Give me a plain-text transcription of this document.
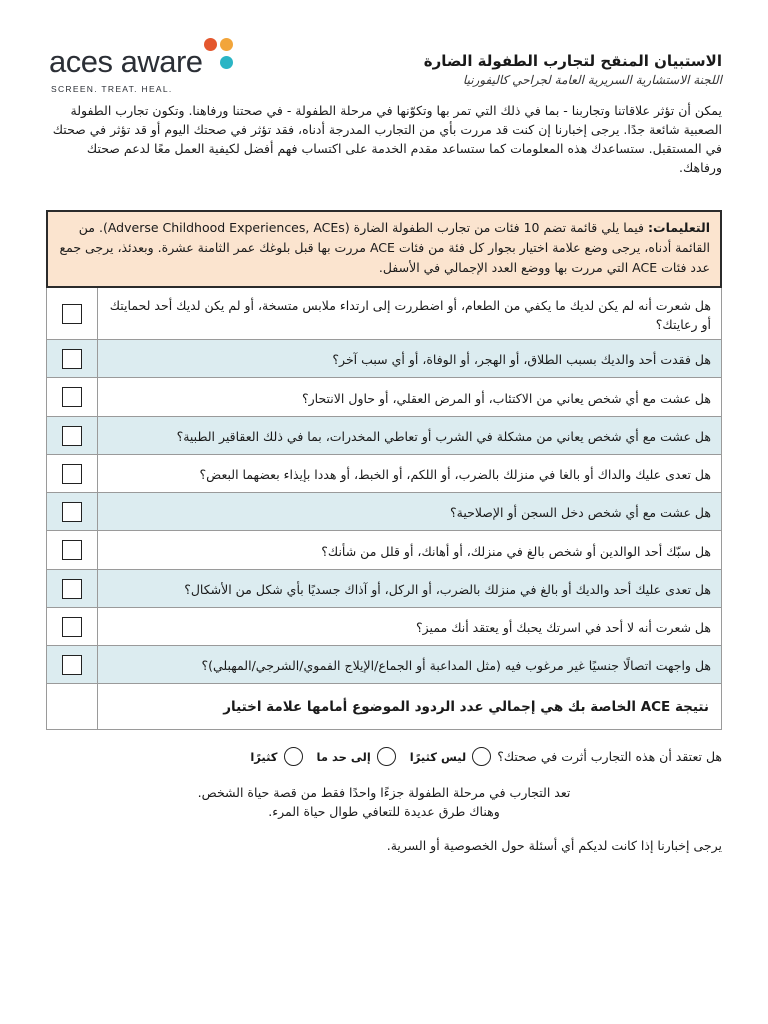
aces aware
SCREEN. TREAT. HEAL.
الاستبيان المنقح لتجارب الطفولة الضارة
اللجنة الاستشارية السريرية العامة لجراحي كاليفورنيا
يمكن أن تؤثر علاقاتنا وتجاربنا - بما في ذلك التي تمر بها وتكوّنها في مرحلة الطفولة - في صحتنا ورفاهنا. وتكون تجارب الطفولة الصعبية شائعة جدًا. يرجى إخبارنا إن كنت قد مررت بأي من التجارب المدرجة أدناه، فقد تؤثر في صحتك اليوم أو قد تؤثر في صحتك في المستقبل. ستساعدك هذه المعلومات كما ستساعد مقدم الخدمة على اكتساب فهم أفضل لكيفية العمل معًا لدعم صحتك ورفاهك.
التعليمات: فيما يلي قائمة تضم 10 فئات من تجارب الطفولة الضارة (Adverse Childhood Experiences, ACEs). من القائمة أدناه، يرجى وضع علامة اختيار بجوار كل فئة من فئات ACE مررت بها قبل بلوغك عمر الثامنة عشرة. وبعدئذ، يرجى جمع عدد فئات ACE التي مررت بها ووضع العدد الإجمالي في الأسفل.
هل شعرت أنه لم يكن لديك ما يكفي من الطعام، أو اضطررت إلى ارتداء ملابس متسخة، أو لم يكن لديك أحد لحمايتك أو رعايتك؟
هل فقدت أحد والديك بسبب الطلاق، أو الهجر، أو الوفاة، أو أي سبب آخر؟
هل عشت مع أي شخص يعاني من الاكتئاب، أو المرض العقلي، أو حاول الانتحار؟
هل عشت مع أي شخص يعاني من مشكلة في الشرب أو تعاطي المخدرات، بما في ذلك العقاقير الطبية؟
هل تعدى عليك والداك أو بالغا في منزلك بالضرب، أو اللكم، أو الخبط، أو هددا بإيذاء بعضهما البعض؟
هل عشت مع أي شخص دخل السجن أو الإصلاحية؟
هل سبّك أحد الوالدين أو شخص بالغ في منزلك، أو أهانك، أو قلل من شأنك؟
هل تعدى عليك أحد والديك أو بالغ في منزلك بالضرب، أو الركل، أو آذاك جسديًا بأي شكل من الأشكال؟
هل شعرت أنه لا أحد في اسرتك يحبك أو يعتقد أنك مميز؟
هل واجهت اتصالًا جنسيًا غير مرغوب فيه (مثل المداعبة أو الجماع/الإيلاج الفموي/الشرجي/المهبلي)؟
نتيجة ACE الخاصة بك هي إجمالي عدد الردود الموضوع أمامها علامة اختيار
هل تعتقد أن هذه التجارب أثرت في صحتك؟
ليس كثيرًا
إلى حد ما
كثيرًا
تعد التجارب في مرحلة الطفولة جزءًا واحدًا فقط من قصة حياة الشخص.
وهناك طرق عديدة للتعافي طوال حياة المرء.
يرجى إخبارنا إذا كانت لديكم أي أسئلة حول الخصوصية أو السرية.
